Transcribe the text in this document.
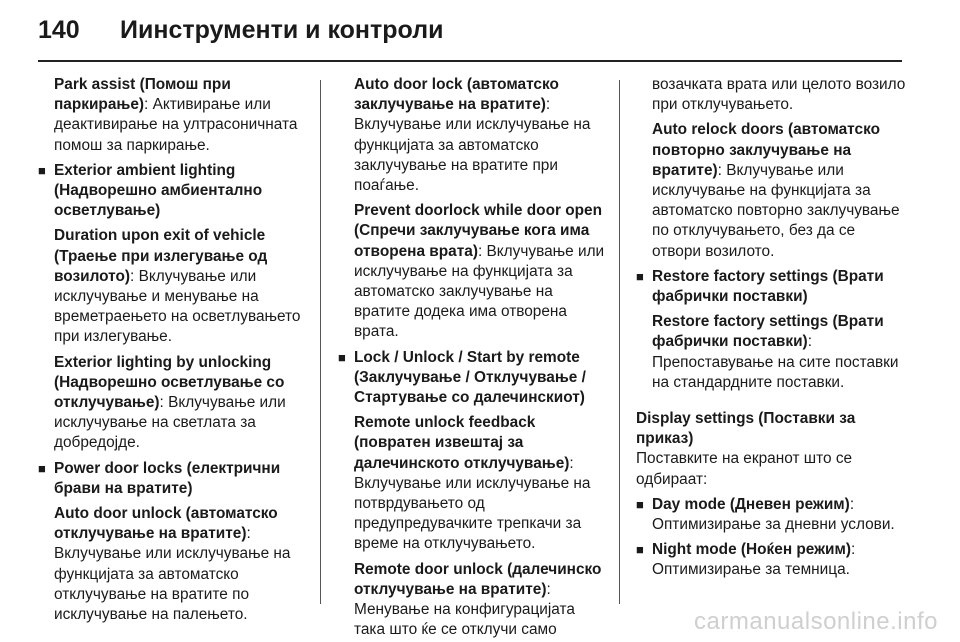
140	Иинструменти и контроли
Park assist (Помош при паркирање): Активирање или деактивирање на ултрасоничната помош за паркирање.
■ Exterior ambient lighting (Надворешно амбиентално осветлување)
Duration upon exit of vehicle (Траење при излегување од возилото): Вклучување или исклучување и менување на времетраењето на осветлувањето при излегување.
Exterior lighting by unlocking (Надворешно осветлување со отклучување): Вклучување или исклучување на светлата за добредојде.
■ Power door locks (електрични брави на вратите)
Auto door unlock (автоматско отклучување на вратите): Вклучување или исклучување на функцијата за автоматско отклучување на вратите по исклучување на палењето.
Auto door lock (автоматско заклучување на вратите): Вклучување или исклучување на функцијата за автоматско заклучување на вратите при поаѓање.
Prevent doorlock while door open (Спречи заклучување кога има отворена врата): Вклучување или исклучување на функцијата за автоматско заклучување на вратите додека има отворена врата.
■ Lock / Unlock / Start by remote (Заклучување / Отклучување / Стартување со далечинскиот)
Remote unlock feedback (повратен извештај за далечинското отклучување): Вклучување или исклучување на потврдувањето од предупредувачките трепкачи за време на отклучувањето.
Remote door unlock (далечинско отклучување на вратите): Менување на конфигурацијата така што ќе се отклучи само
возачката врата или целото возило при отклучувањето.
Auto relock doors (автоматско повторно заклучување на вратите): Вклучување или исклучување на функцијата за автоматско повторно заклучување по отклучувањето, без да се отвори возилото.
■ Restore factory settings (Врати фабрички поставки)
Restore factory settings (Врати фабрички поставки): Препоставување на сите поставки на стандардните поставки.
Display settings (Поставки за приказ)
Поставките на екранот што се одбираат:
■ Day mode (Дневен режим): Оптимизирање за дневни услови.
■ Night mode (Ноќен режим): Оптимизирање за темница.
carmanualsonline.info
